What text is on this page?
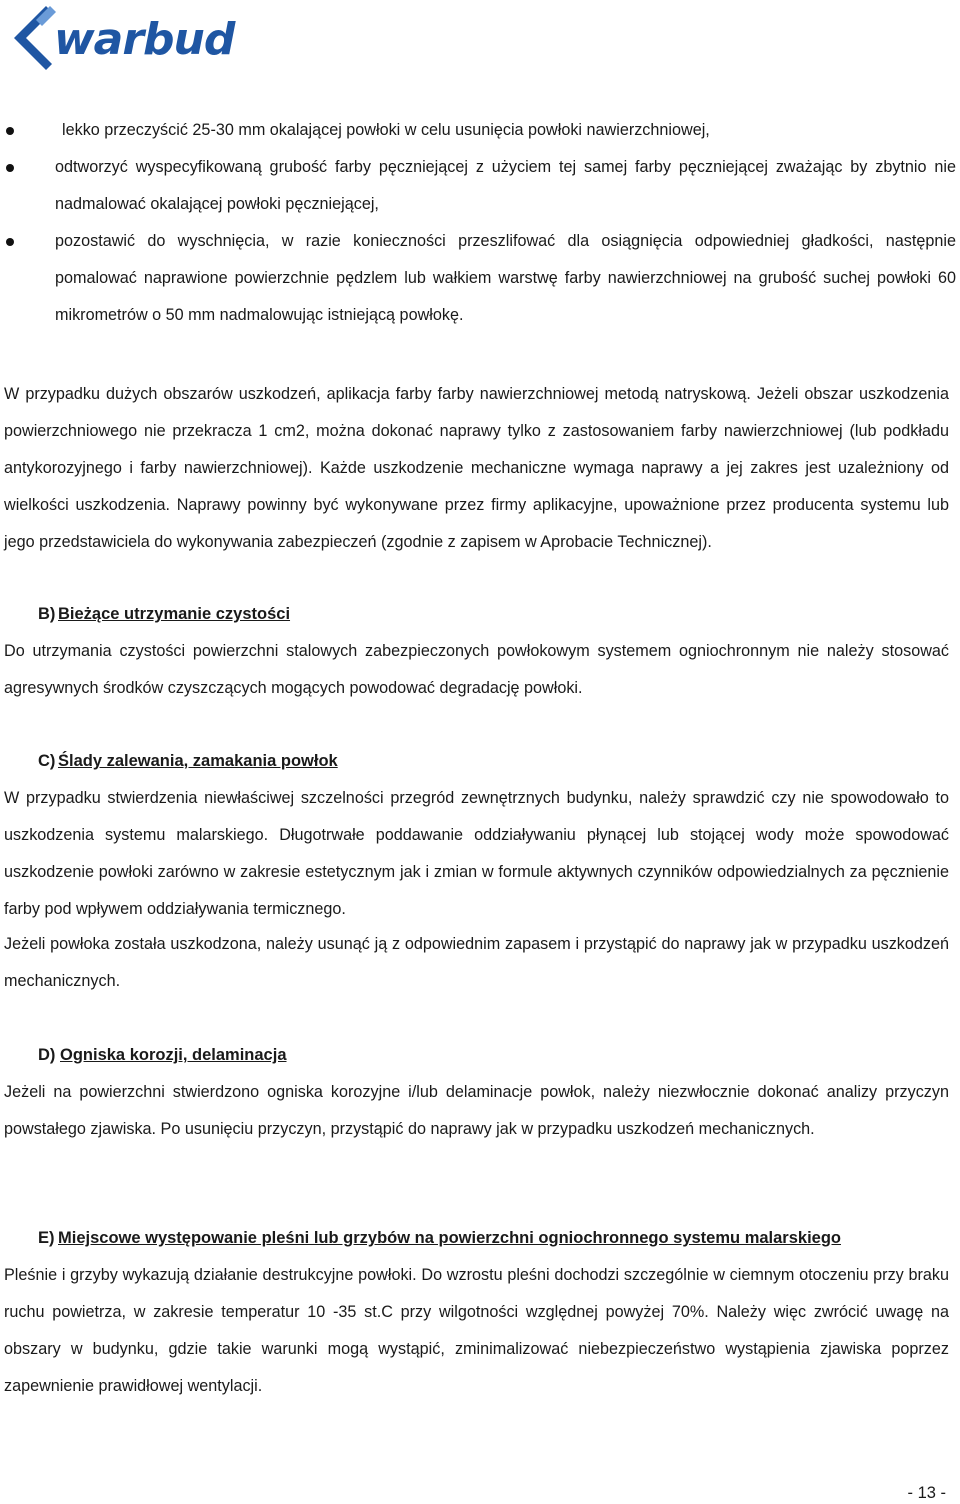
warbud
lekko przeczyścić 25-30 mm okalającej powłoki w celu usunięcia powłoki nawierzchniowej,
odtworzyć wyspecyfikowaną grubość farby pęczniejącej z użyciem tej samej farby pęczniejącej zważając by zbytnio nie nadmalować okalającej powłoki pęczniejącej,
pozostawić do wyschnięcia, w razie konieczności przeszlifować dla osiągnięcia odpowiedniej gładkości, następnie pomalować naprawione powierzchnie pędzlem lub wałkiem warstwę farby nawierzchniowej na grubość suchej powłoki 60 mikrometrów o 50 mm nadmalowując istniejącą powłokę.

W przypadku dużych obszarów uszkodzeń, aplikacja farby farby nawierzchniowej metodą natryskową. Jeżeli obszar uszkodzenia powierzchniowego nie przekracza 1 cm2, można dokonać naprawy tylko z zastosowaniem farby nawierzchniowej (lub podkładu antykorozyjnego i farby nawierzchniowej). Każde uszkodzenie mechaniczne wymaga naprawy a jej zakres jest uzależniony od wielkości uszkodzenia. Naprawy powinny być wykonywane przez firmy aplikacyjne, upoważnione przez producenta systemu lub jego przedstawiciela do wykonywania zabezpieczeń (zgodnie z zapisem w Aprobacie Technicznej).

B) Bieżące utrzymanie czystości

Do utrzymania czystości powierzchni stalowych zabezpieczonych powłokowym systemem ogniochronnym nie należy stosować agresywnych środków czyszczących mogących powodować degradację powłoki.

C) Ślady zalewania, zamakania powłok

W przypadku stwierdzenia niewłaściwej szczelności przegród zewnętrznych budynku, należy sprawdzić czy nie spowodowało to uszkodzenia systemu malarskiego. Długotrwałe poddawanie oddziaływaniu płynącej lub stojącej wody może spowodować uszkodzenie powłoki zarówno w zakresie estetycznym jak i zmian w formule aktywnych czynników odpowiedzialnych za pęcznienie farby pod wpływem oddziaływania termicznego.

Jeżeli powłoka została uszkodzona, należy usunąć ją z odpowiednim zapasem i przystąpić do naprawy jak w przypadku uszkodzeń mechanicznych.

D) Ogniska korozji, delaminacja

Jeżeli na powierzchni stwierdzono ogniska korozyjne i/lub delaminacje powłok, należy niezwłocznie dokonać analizy przyczyn powstałego zjawiska. Po usunięciu przyczyn, przystąpić do naprawy jak w przypadku uszkodzeń mechanicznych.

E) Miejscowe występowanie pleśni lub grzybów na powierzchni ogniochronnego systemu malarskiego

Pleśnie i grzyby wykazują działanie destrukcyjne powłoki. Do wzrostu pleśni dochodzi szczególnie w ciemnym otoczeniu przy braku ruchu powietrza, w zakresie temperatur 10 -35 st.C przy wilgotności względnej powyżej 70%. Należy więc zwrócić uwagę na obszary w budynku, gdzie takie warunki mogą wystąpić, zminimalizować niebezpieczeństwo wystąpienia zjawiska poprzez zapewnienie prawidłowej wentylacji.

- 13 -
